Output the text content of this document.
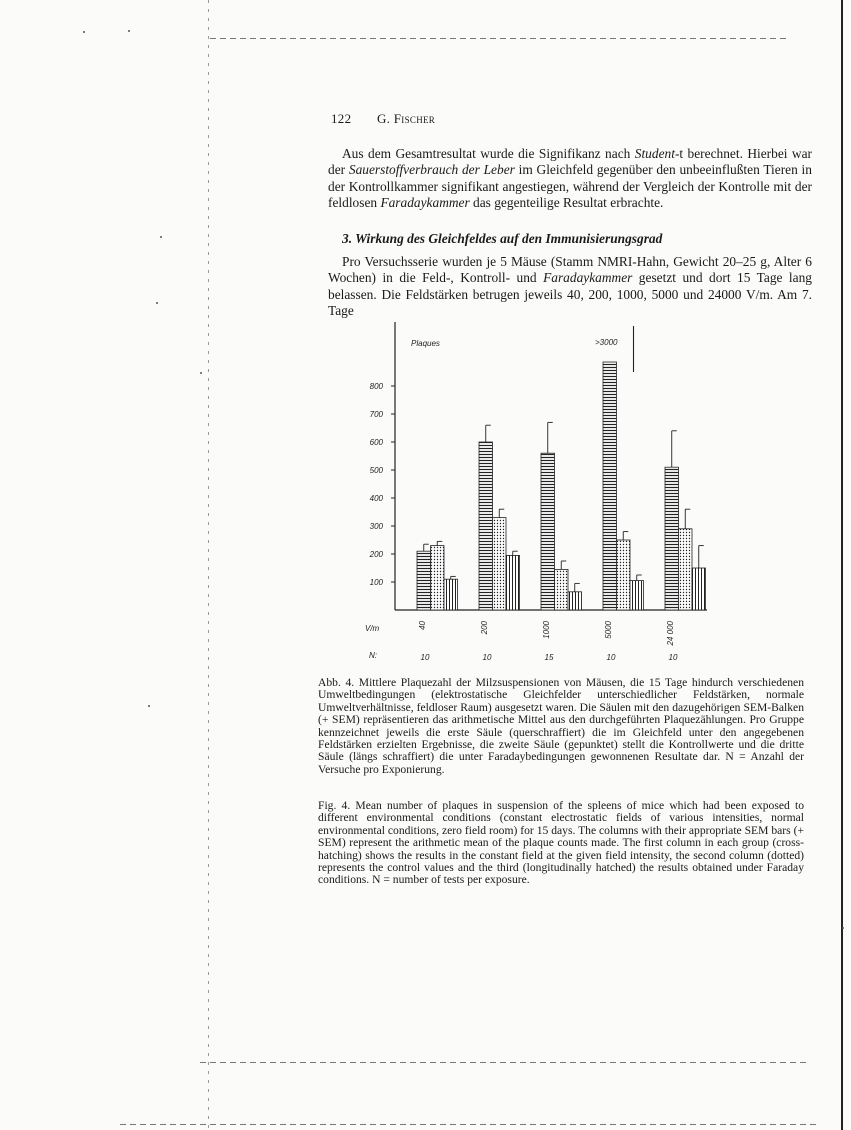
122 G. Fischer

Aus dem Gesamtresultat wurde die Signifikanz nach Student-t berechnet. Hierbei war der Sauerstoffverbrauch der Leber im Gleichfeld gegenüber den unbeeinflußten Tieren in der Kontrollkammer signifikant angestiegen, während der Vergleich der Kontrolle mit der feldlosen Faradaykammer das gegenteilige Resultat erbrachte.

3. Wirkung des Gleichfeldes auf den Immunisierungsgrad

Pro Versuchsserie wurden je 5 Mäuse (Stamm NMRI-Hahn, Gewicht 20–25 g, Alter 6 Wochen) in die Feld-, Kontroll- und Faradaykammer gesetzt und dort 15 Tage lang belassen. Die Feldstärken betrugen jeweils 40, 200, 1000, 5000 und 24000 V/m. Am 7. Tage

Plaques
V/m
N:
100
200
300
400
500
600
700
800
>3000
40
10
200
10
1000
15
5000
10
24 000
10

Abb. 4. Mittlere Plaquezahl der Milzsuspensionen von Mäusen, die 15 Tage hindurch verschiedenen Umweltbedingungen (elektrostatische Gleichfelder unterschiedlicher Feldstärken, normale Umweltverhältnisse, feldloser Raum) ausgesetzt waren. Die Säulen mit den dazugehörigen SEM-Balken (+ SEM) repräsentieren das arithmetische Mittel aus den durchgeführten Plaquezählungen. Pro Gruppe kennzeichnet jeweils die erste Säule (querschraffiert) die im Gleichfeld unter den angegebenen Feldstärken erzielten Ergebnisse, die zweite Säule (gepunktet) stellt die Kontrollwerte und die dritte Säule (längs schraffiert) die unter Faradaybedingungen gewonnenen Resultate dar. N = Anzahl der Versuche pro Exponierung.

Fig. 4. Mean number of plaques in suspension of the spleens of mice which had been exposed to different environmental conditions (constant electrostatic fields of various intensities, normal environmental conditions, zero field room) for 15 days. The columns with their appropriate SEM bars (+ SEM) represent the arithmetic mean of the plaque counts made. The first column in each group (cross-hatching) shows the results in the constant field at the given field intensity, the second column (dotted) represents the control values and the third (longitudinally hatched) the results obtained under Faraday conditions. N = number of tests per exposure.
